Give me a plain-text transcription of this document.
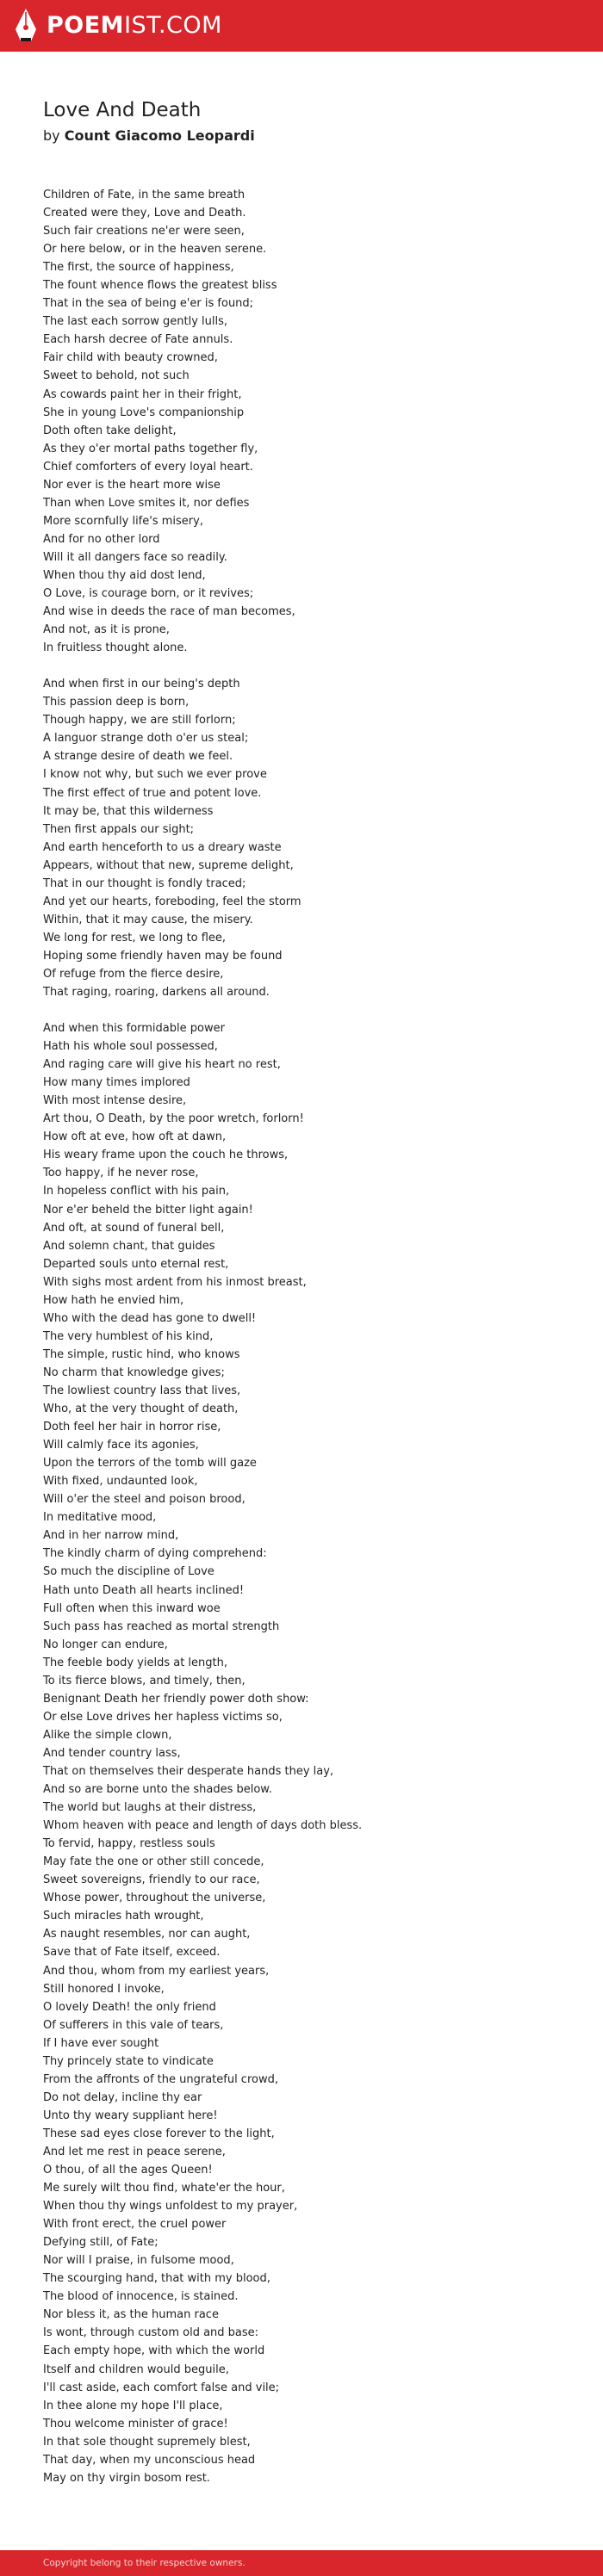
POEMIST.COM
Love And Death
by Count Giacomo Leopardi
Children of Fate, in the same breath
Created were they, Love and Death.
Such fair creations ne'er were seen,
Or here below, or in the heaven serene.
The first, the source of happiness,
The fount whence flows the greatest bliss
That in the sea of being e'er is found;
The last each sorrow gently lulls,
Each harsh decree of Fate annuls.
Fair child with beauty crowned,
Sweet to behold, not such
As cowards paint her in their fright,
She in young Love's companionship
Doth often take delight,
As they o'er mortal paths together fly,
Chief comforters of every loyal heart.
Nor ever is the heart more wise
Than when Love smites it, nor defies
More scornfully life's misery,
And for no other lord
Will it all dangers face so readily.
When thou thy aid dost lend,
O Love, is courage born, or it revives;
And wise in deeds the race of man becomes,
And not, as it is prone,
In fruitless thought alone.
And when first in our being's depth
This passion deep is born,
Though happy, we are still forlorn;
A languor strange doth o'er us steal;
A strange desire of death we feel.
I know not why, but such we ever prove
The first effect of true and potent love.
It may be, that this wilderness
Then first appals our sight;
And earth henceforth to us a dreary waste
Appears, without that new, supreme delight,
That in our thought is fondly traced;
And yet our hearts, foreboding, feel the storm
Within, that it may cause, the misery.
We long for rest, we long to flee,
Hoping some friendly haven may be found
Of refuge from the fierce desire,
That raging, roaring, darkens all around.
And when this formidable power
Hath his whole soul possessed,
And raging care will give his heart no rest,
How many times implored
With most intense desire,
Art thou, O Death, by the poor wretch, forlorn!
How oft at eve, how oft at dawn,
His weary frame upon the couch he throws,
Too happy, if he never rose,
In hopeless conflict with his pain,
Nor e'er beheld the bitter light again!
And oft, at sound of funeral bell,
And solemn chant, that guides
Departed souls unto eternal rest,
With sighs most ardent from his inmost breast,
How hath he envied him,
Who with the dead has gone to dwell!
The very humblest of his kind,
The simple, rustic hind, who knows
No charm that knowledge gives;
The lowliest country lass that lives,
Who, at the very thought of death,
Doth feel her hair in horror rise,
Will calmly face its agonies,
Upon the terrors of the tomb will gaze
With fixed, undaunted look,
Will o'er the steel and poison brood,
In meditative mood,
And in her narrow mind,
The kindly charm of dying comprehend:
So much the discipline of Love
Hath unto Death all hearts inclined!
Full often when this inward woe
Such pass has reached as mortal strength
No longer can endure,
The feeble body yields at length,
To its fierce blows, and timely, then,
Benignant Death her friendly power doth show:
Or else Love drives her hapless victims so,
Alike the simple clown,
And tender country lass,
That on themselves their desperate hands they lay,
And so are borne unto the shades below.
The world but laughs at their distress,
Whom heaven with peace and length of days doth bless.
To fervid, happy, restless souls
May fate the one or other still concede,
Sweet sovereigns, friendly to our race,
Whose power, throughout the universe,
Such miracles hath wrought,
As naught resembles, nor can aught,
Save that of Fate itself, exceed.
And thou, whom from my earliest years,
Still honored I invoke,
O lovely Death! the only friend
Of sufferers in this vale of tears,
If I have ever sought
Thy princely state to vindicate
From the affronts of the ungrateful crowd,
Do not delay, incline thy ear
Unto thy weary suppliant here!
These sad eyes close forever to the light,
And let me rest in peace serene,
O thou, of all the ages Queen!
Me surely wilt thou find, whate'er the hour,
When thou thy wings unfoldest to my prayer,
With front erect, the cruel power
Defying still, of Fate;
Nor will I praise, in fulsome mood,
The scourging hand, that with my blood,
The blood of innocence, is stained.
Nor bless it, as the human race
Is wont, through custom old and base:
Each empty hope, with which the world
Itself and children would beguile,
I'll cast aside, each comfort false and vile;
In thee alone my hope I'll place,
Thou welcome minister of grace!
In that sole thought supremely blest,
That day, when my unconscious head
May on thy virgin bosom rest.
Copyright belong to their respective owners.
